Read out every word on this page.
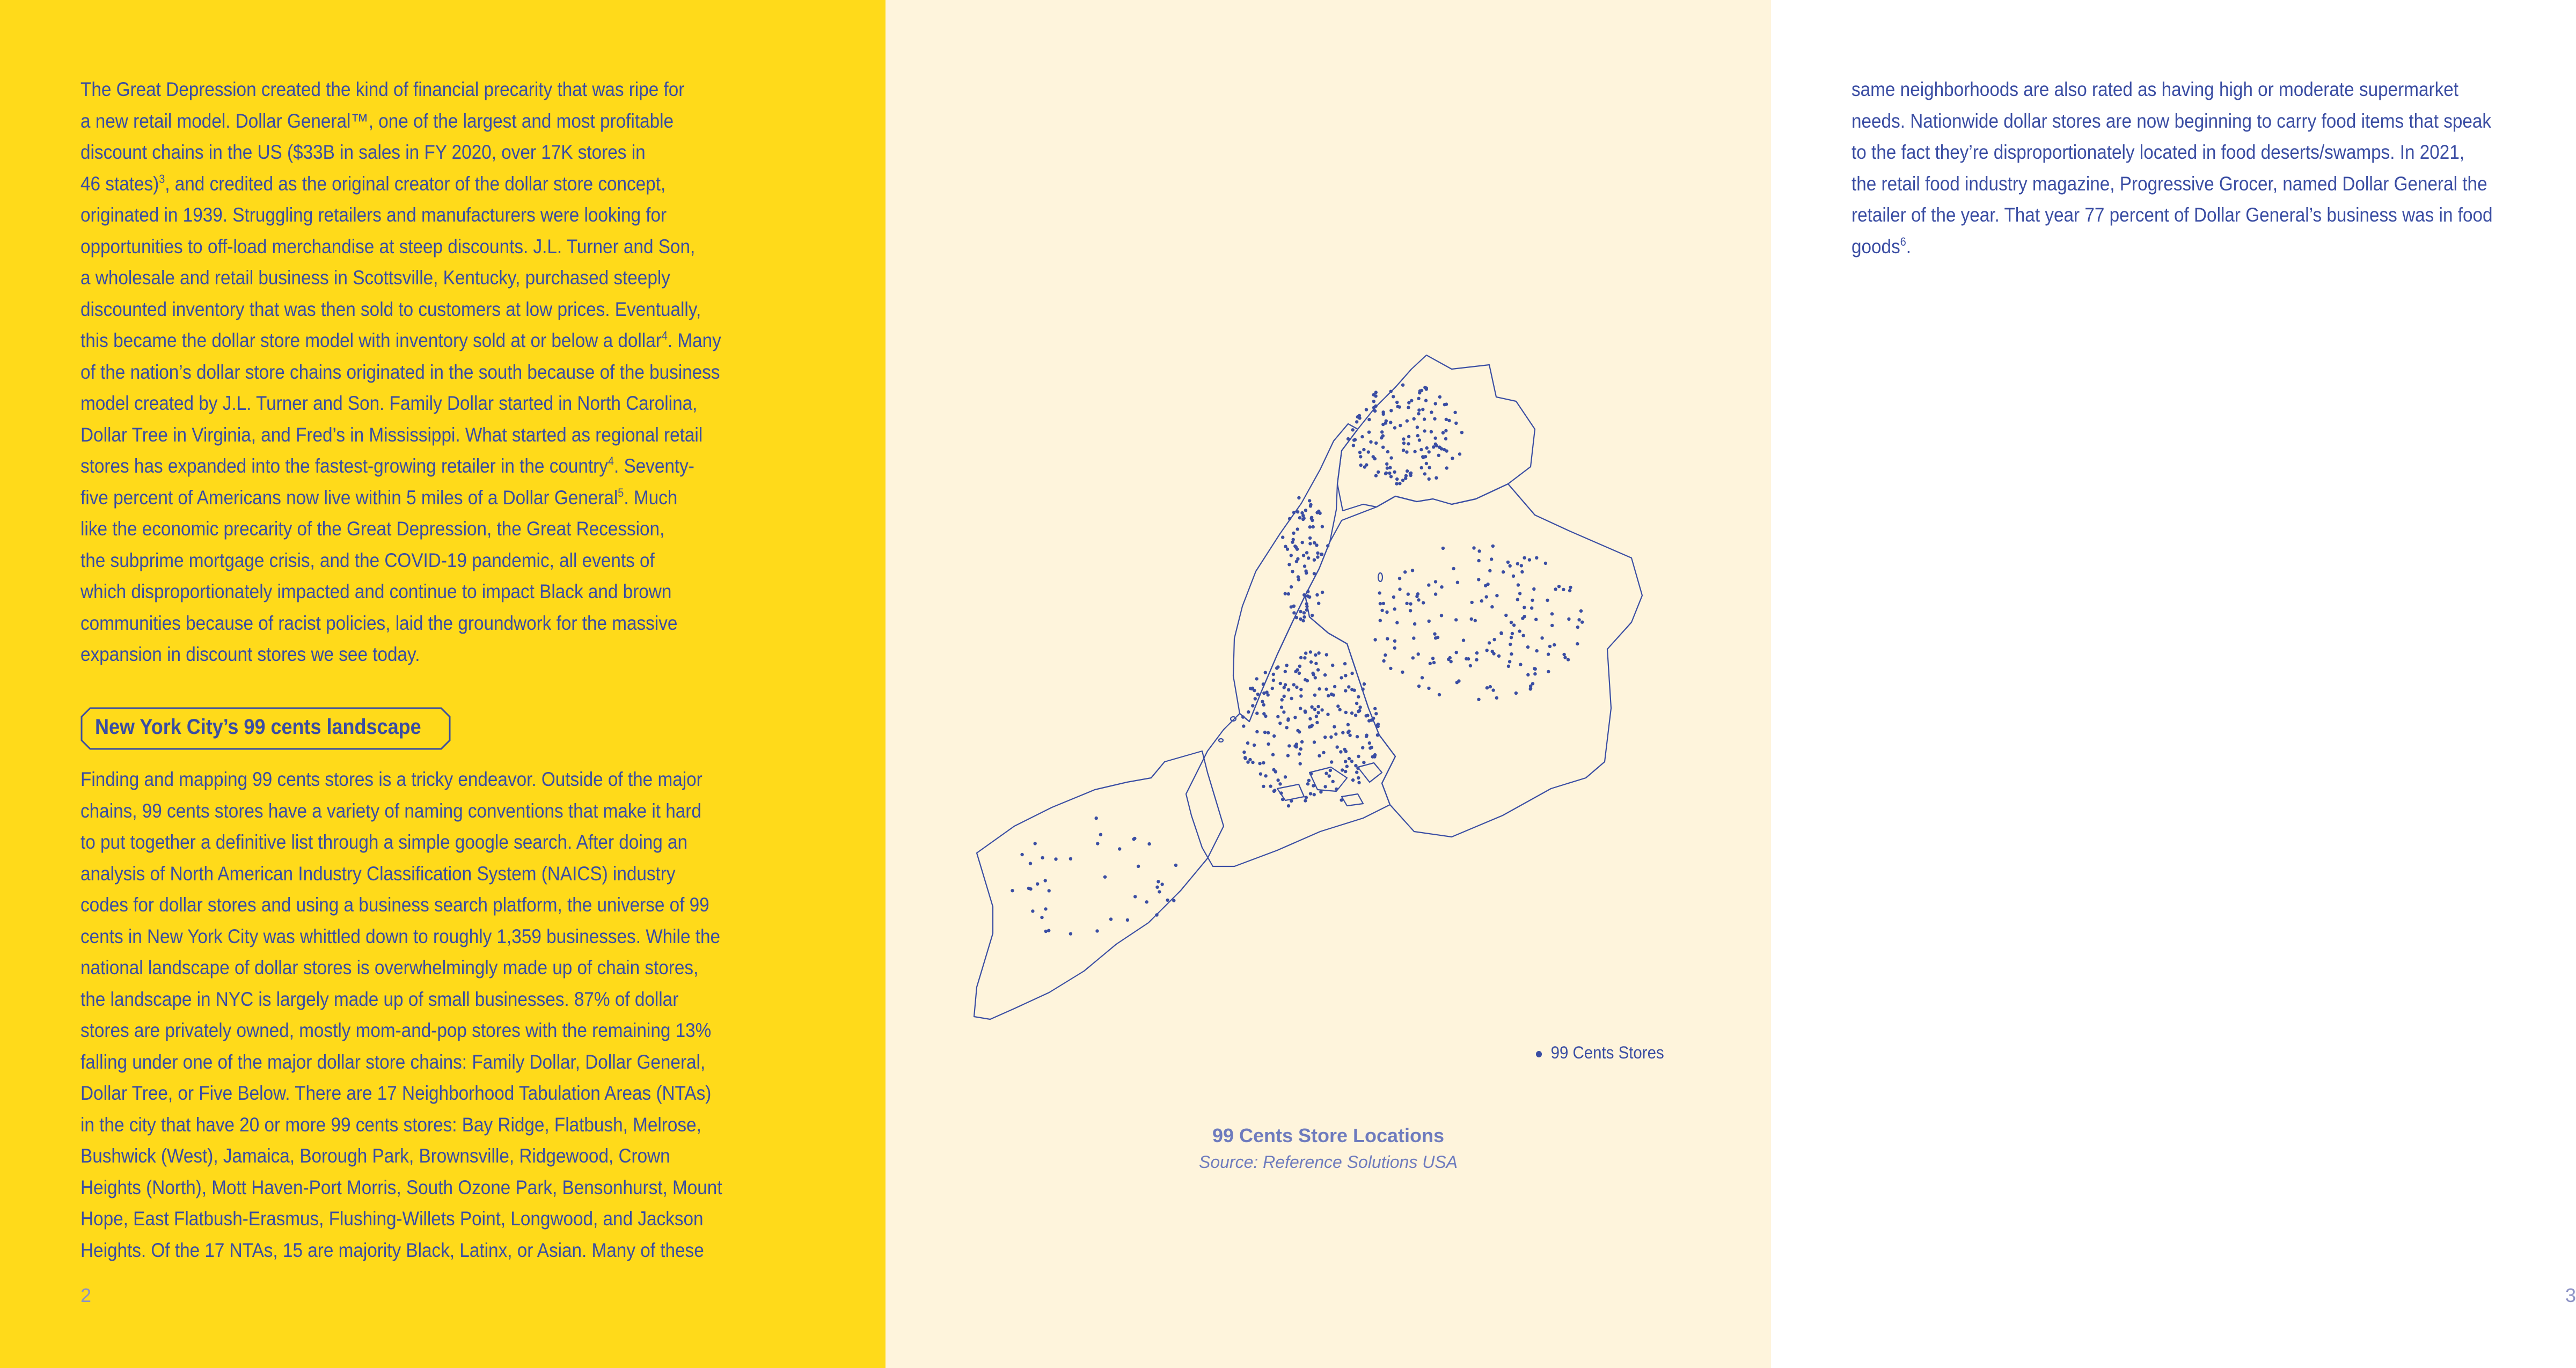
The Great Depression created the kind of financial precarity that was ripe for
a new retail model. Dollar General™, one of the largest and most profitable
discount chains in the US ($33B in sales in FY 2020, over 17K stores in
46 states)$^3$, and credited as the original creator of the dollar store concept,
originated in 1939. Struggling retailers and manufacturers were looking for
opportunities to off-load merchandise at steep discounts. J.L. Turner and Son,
a wholesale and retail business in Scottsville, Kentucky, purchased steeply
discounted inventory that was then sold to customers at low prices. Eventually,
this became the dollar store model with inventory sold at or below a dollar$^4$. Many
of the nation’s dollar store chains originated in the south because of the business
model created by J.L. Turner and Son. Family Dollar started in North Carolina,
Dollar Tree in Virginia, and Fred’s in Mississippi. What started as regional retail
stores has expanded into the fastest-growing retailer in the country$^4$. Seventy-
five percent of Americans now live within 5 miles of a Dollar General$^5$. Much
like the economic precarity of the Great Depression, the Great Recession,
the subprime mortgage crisis, and the COVID-19 pandemic, all events of
which disproportionately impacted and continue to impact Black and brown
communities because of racist policies, laid the groundwork for the massive
expansion in discount stores we see today.
New York City’s 99 cents landscape
Finding and mapping 99 cents stores is a tricky endeavor. Outside of the major
chains, 99 cents stores have a variety of naming conventions that make it hard
to put together a definitive list through a simple google search. After doing an
analysis of North American Industry Classification System (NAICS) industry
codes for dollar stores and using a business search platform, the universe of 99
cents in New York City was whittled down to roughly 1,359 businesses. While the
national landscape of dollar stores is overwhelmingly made up of chain stores,
the landscape in NYC is largely made up of small businesses. 87% of dollar
stores are privately owned, mostly mom-and-pop stores with the remaining 13%
falling under one of the major dollar store chains: Family Dollar, Dollar General,
Dollar Tree, or Five Below. There are 17 Neighborhood Tabulation Areas (NTAs)
in the city that have 20 or more 99 cents stores: Bay Ridge, Flatbush, Melrose,
Bushwick (West), Jamaica, Borough Park, Brownsville, Ridgewood, Crown
Heights (North), Mott Haven-Port Morris, South Ozone Park, Bensonhurst, Mount
Hope, East Flatbush-Erasmus, Flushing-Willets Point, Longwood, and Jackson
Heights. Of the 17 NTAs, 15 are majority Black, Latinx, or Asian. Many of these
2
same neighborhoods are also rated as having high or moderate supermarket
needs. Nationwide dollar stores are now beginning to carry food items that speak
to the fact they’re disproportionately located in food deserts/swamps. In 2021,
the retail food industry magazine, Progressive Grocer, named Dollar General the
retailer of the year. That year 77 percent of Dollar General’s business was in food
goods$^6$.
3
99 Cents Stores
99 Cents Store Locations
Source: Reference Solutions USA
